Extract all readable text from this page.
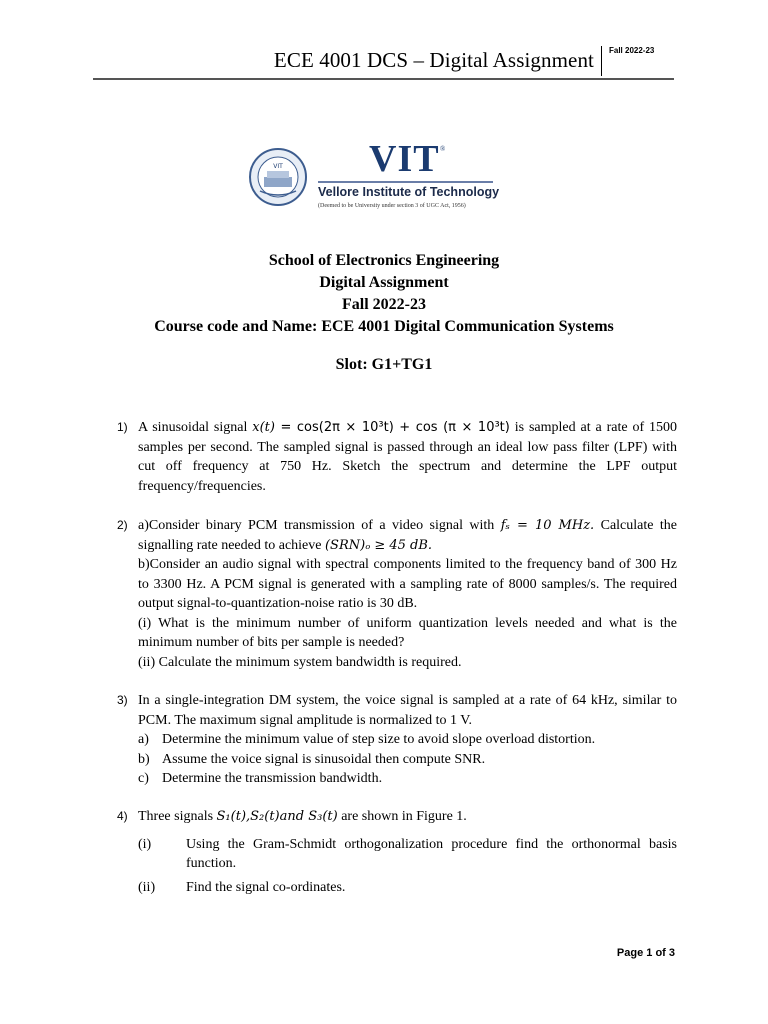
ECE 4001 DCS – Digital Assignment Fall 2022-23
VIT VIT ®
Vellore Institute of Technology
(Deemed to be University under section 3 of UGC Act, 1956)
School of Electronics Engineering
Digital Assignment
Fall 2022-23
Course code and Name: ECE 4001 Digital Communication Systems
Slot: G1+TG1
1) A sinusoidal signal x(t) = cos(2π × 10³t) + cos (π × 10³t) is sampled at a rate of 1500 samples per second. The sampled signal is passed through an ideal low pass filter (LPF) with cut off frequency at 750 Hz. Sketch the spectrum and determine the LPF output frequency/frequencies.
2) a)Consider binary PCM transmission of a video signal with fₛ = 10 MHz. Calculate the signalling rate needed to achieve (SRN)ₒ ≥ 45 dB.
b)Consider an audio signal with spectral components limited to the frequency band of 300 Hz to 3300 Hz. A PCM signal is generated with a sampling rate of 8000 samples/s. The required output signal-to-quantization-noise ratio is 30 dB.
(i) What is the minimum number of uniform quantization levels needed and what is the minimum number of bits per sample is needed?
(ii) Calculate the minimum system bandwidth is required.
3) In a single-integration DM system, the voice signal is sampled at a rate of 64 kHz, similar to PCM. The maximum signal amplitude is normalized to 1 V.
a) Determine the minimum value of step size to avoid slope overload distortion.
b) Assume the voice signal is sinusoidal then compute SNR.
c) Determine the transmission bandwidth.
4) Three signals S₁(t),S₂(t)and S₃(t) are shown in Figure 1.
(i)	Using the Gram-Schmidt orthogonalization procedure find the orthonormal basis function.
(ii)	Find the signal co-ordinates.
Page 1 of 3
